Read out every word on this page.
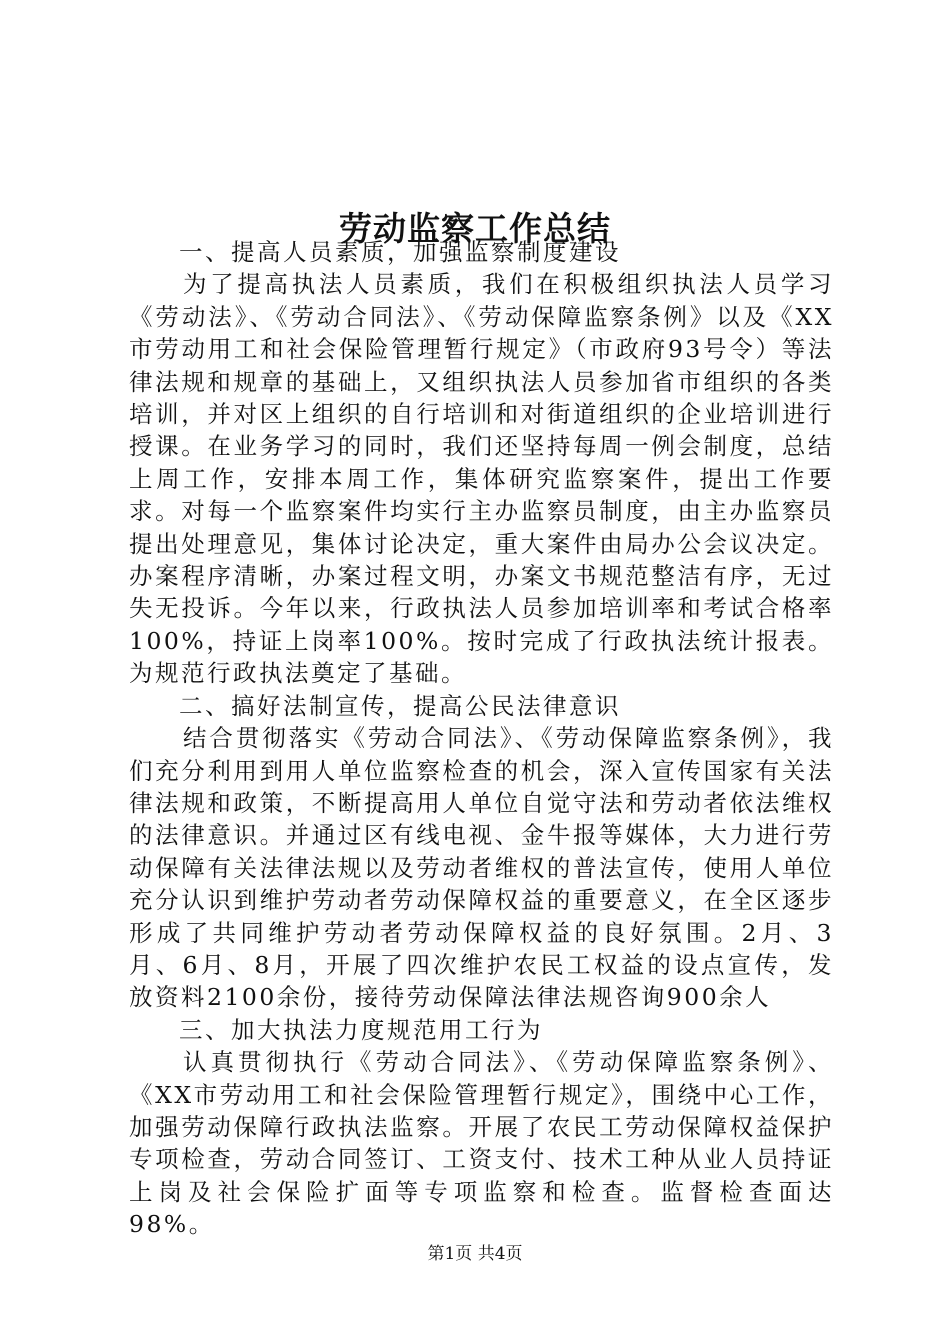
劳动监察工作总结

一、提高人员素质，加强监察制度建设

为了提高执法人员素质，我们在积极组织执法人员学习《劳动法》、《劳动合同法》、《劳动保障监察条例》以及《XX市劳动用工和社会保险管理暂行规定》（市政府93号令）等法律法规和规章的基础上，又组织执法人员参加省市组织的各类培训，并对区上组织的自行培训和对街道组织的企业培训进行授课。在业务学习的同时，我们还坚持每周一例会制度，总结上周工作，安排本周工作，集体研究监察案件，提出工作要求。对每一个监察案件均实行主办监察员制度，由主办监察员提出处理意见，集体讨论决定，重大案件由局办公会议决定。办案程序清晰，办案过程文明，办案文书规范整洁有序，无过失无投诉。今年以来，行政执法人员参加培训率和考试合格率100%，持证上岗率100%。按时完成了行政执法统计报表。为规范行政执法奠定了基础。

二、搞好法制宣传，提高公民法律意识

结合贯彻落实《劳动合同法》、《劳动保障监察条例》，我们充分利用到用人单位监察检查的机会，深入宣传国家有关法律法规和政策，不断提高用人单位自觉守法和劳动者依法维权的法律意识。并通过区有线电视、金牛报等媒体，大力进行劳动保障有关法律法规以及劳动者维权的普法宣传，使用人单位充分认识到维护劳动者劳动保障权益的重要意义，在全区逐步形成了共同维护劳动者劳动保障权益的良好氛围。2月、3月、6月、8月，开展了四次维护农民工权益的设点宣传，发放资料2100余份，接待劳动保障法律法规咨询900余人

三、加大执法力度规范用工行为

认真贯彻执行《劳动合同法》、《劳动保障监察条例》、《XX市劳动用工和社会保险管理暂行规定》，围绕中心工作，加强劳动保障行政执法监察。开展了农民工劳动保障权益保护专项检查，劳动合同签订、工资支付、技术工种从业人员持证上岗及社会保险扩面等专项监察和检查。监督检查面达98%。

第1页 共4页
